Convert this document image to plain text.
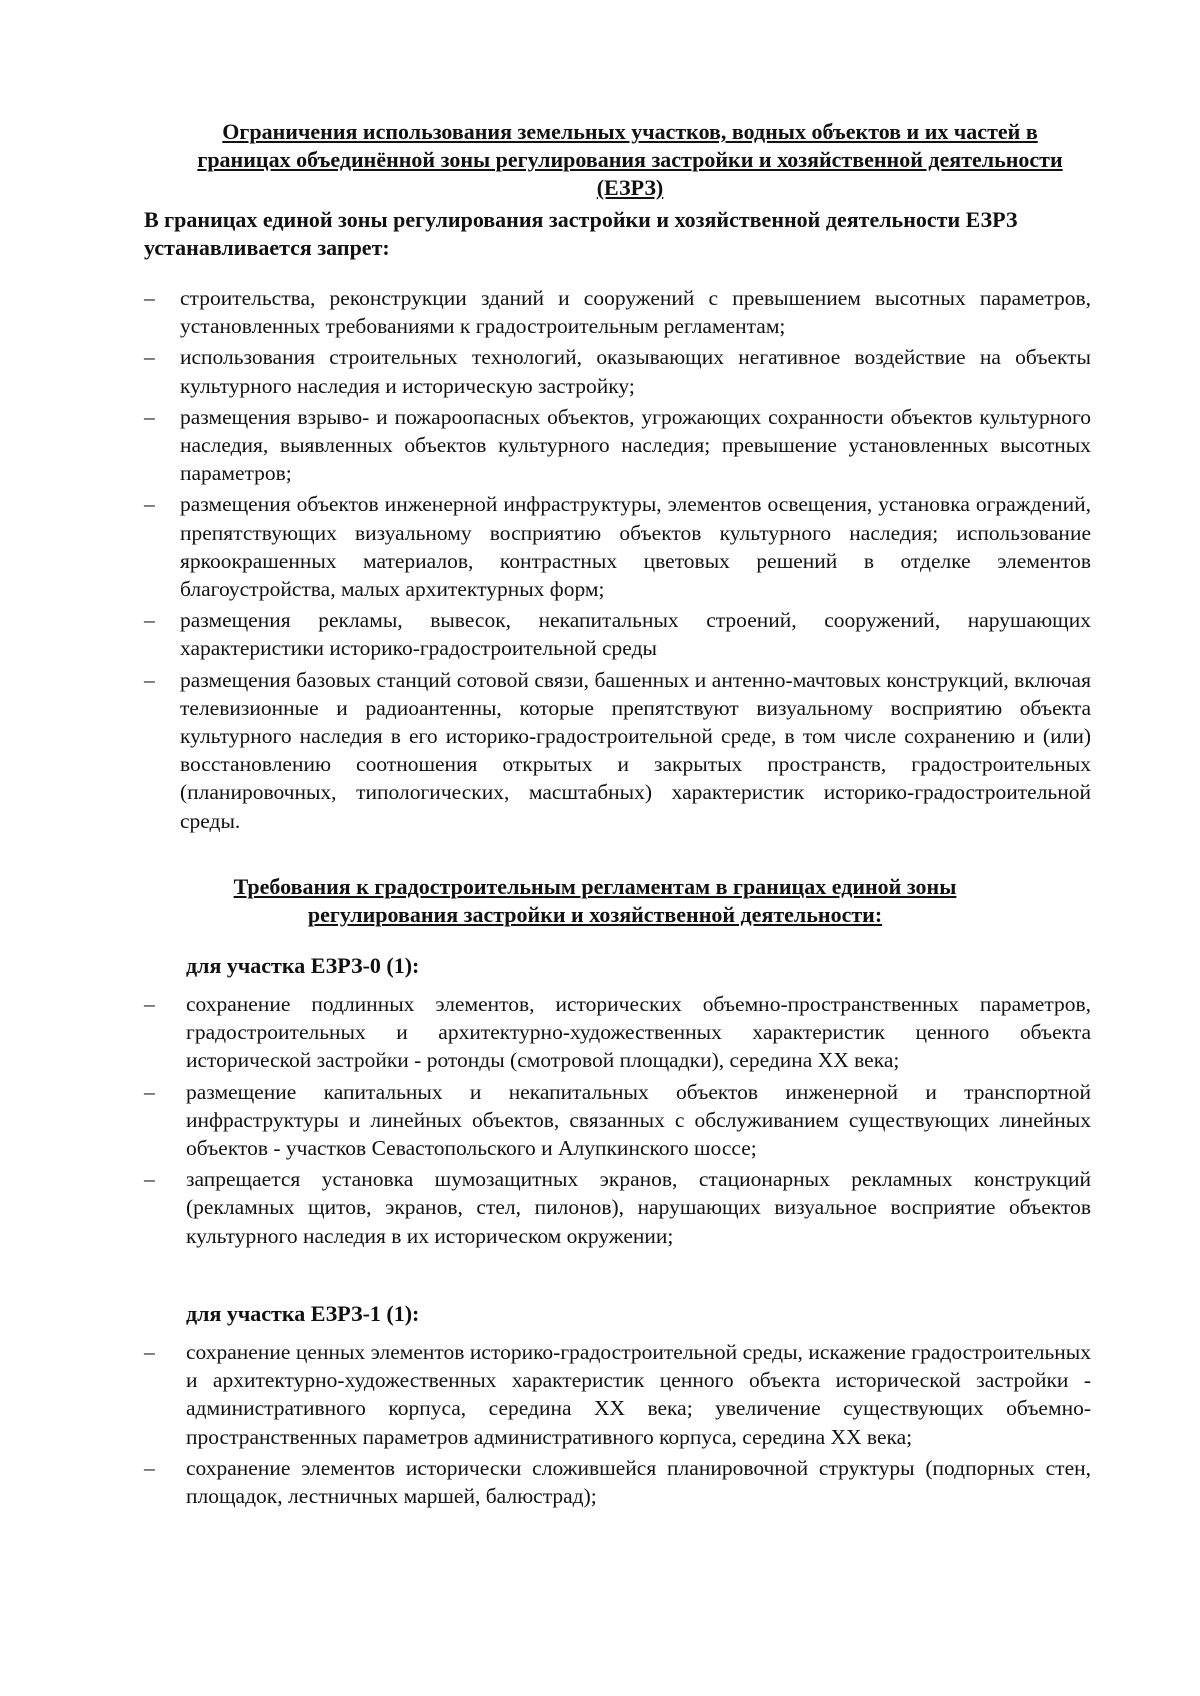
Ограничения использования земельных участков, водных объектов и их частей в
границах объединённой зоны регулирования застройки и хозяйственной деятельности
(ЕЗРЗ)
В границах единой зоны регулирования застройки и хозяйственной деятельности ЕЗРЗ
устанавливается запрет:
– строительства, реконструкции зданий и сооружений с превышением высотных параметров, установленных требованиями к градостроительным регламентам;
– использования строительных технологий, оказывающих негативное воздействие на объекты культурного наследия и историческую застройку;
– размещения взрыво- и пожароопасных объектов, угрожающих сохранности объектов культурного наследия, выявленных объектов культурного наследия; превышение установленных высотных параметров;
– размещения объектов инженерной инфраструктуры, элементов освещения, установка ограждений, препятствующих визуальному восприятию объектов культурного наследия; использование яркоокрашенных материалов, контрастных цветовых решений в отделке элементов благоустройства, малых архитектурных форм;
– размещения рекламы, вывесок, некапитальных строений, сооружений, нарушающих характеристики историко-градостроительной среды
– размещения базовых станций сотовой связи, башенных и антенно-мачтовых конструкций, включая телевизионные и радиоантенны, которые препятствуют визуальному восприятию объекта культурного наследия в его историко-градостроительной среде, в том числе сохранению и (или) восстановлению соотношения открытых и закрытых пространств, градостроительных (планировочных, типологических, масштабных) характеристик историко-градостроительной среды.
Требования к градостроительным регламентам в границах единой зоны
регулирования застройки и хозяйственной деятельности:
для участка ЕЗРЗ-0 (1):
– сохранение подлинных элементов, исторических объемно-пространственных параметров, градостроительных и архитектурно-художественных характеристик ценного объекта исторической застройки - ротонды (смотровой площадки), середина XX века;
– размещение капитальных и некапитальных объектов инженерной и транспортной инфраструктуры и линейных объектов, связанных с обслуживанием существующих линейных объектов - участков Севастопольского и Алупкинского шоссе;
– запрещается установка шумозащитных экранов, стационарных рекламных конструкций (рекламных щитов, экранов, стел, пилонов), нарушающих визуальное восприятие объектов культурного наследия в их историческом окружении;
для участка ЕЗРЗ-1 (1):
– сохранение ценных элементов историко-градостроительной среды, искажение градостроительных и архитектурно-художественных характеристик ценного объекта исторической застройки - административного корпуса, середина XX века; увеличение существующих объемно-пространственных параметров административного корпуса, середина XX века;
– сохранение элементов исторически сложившейся планировочной структуры (подпорных стен, площадок, лестничных маршей, балюстрад);
